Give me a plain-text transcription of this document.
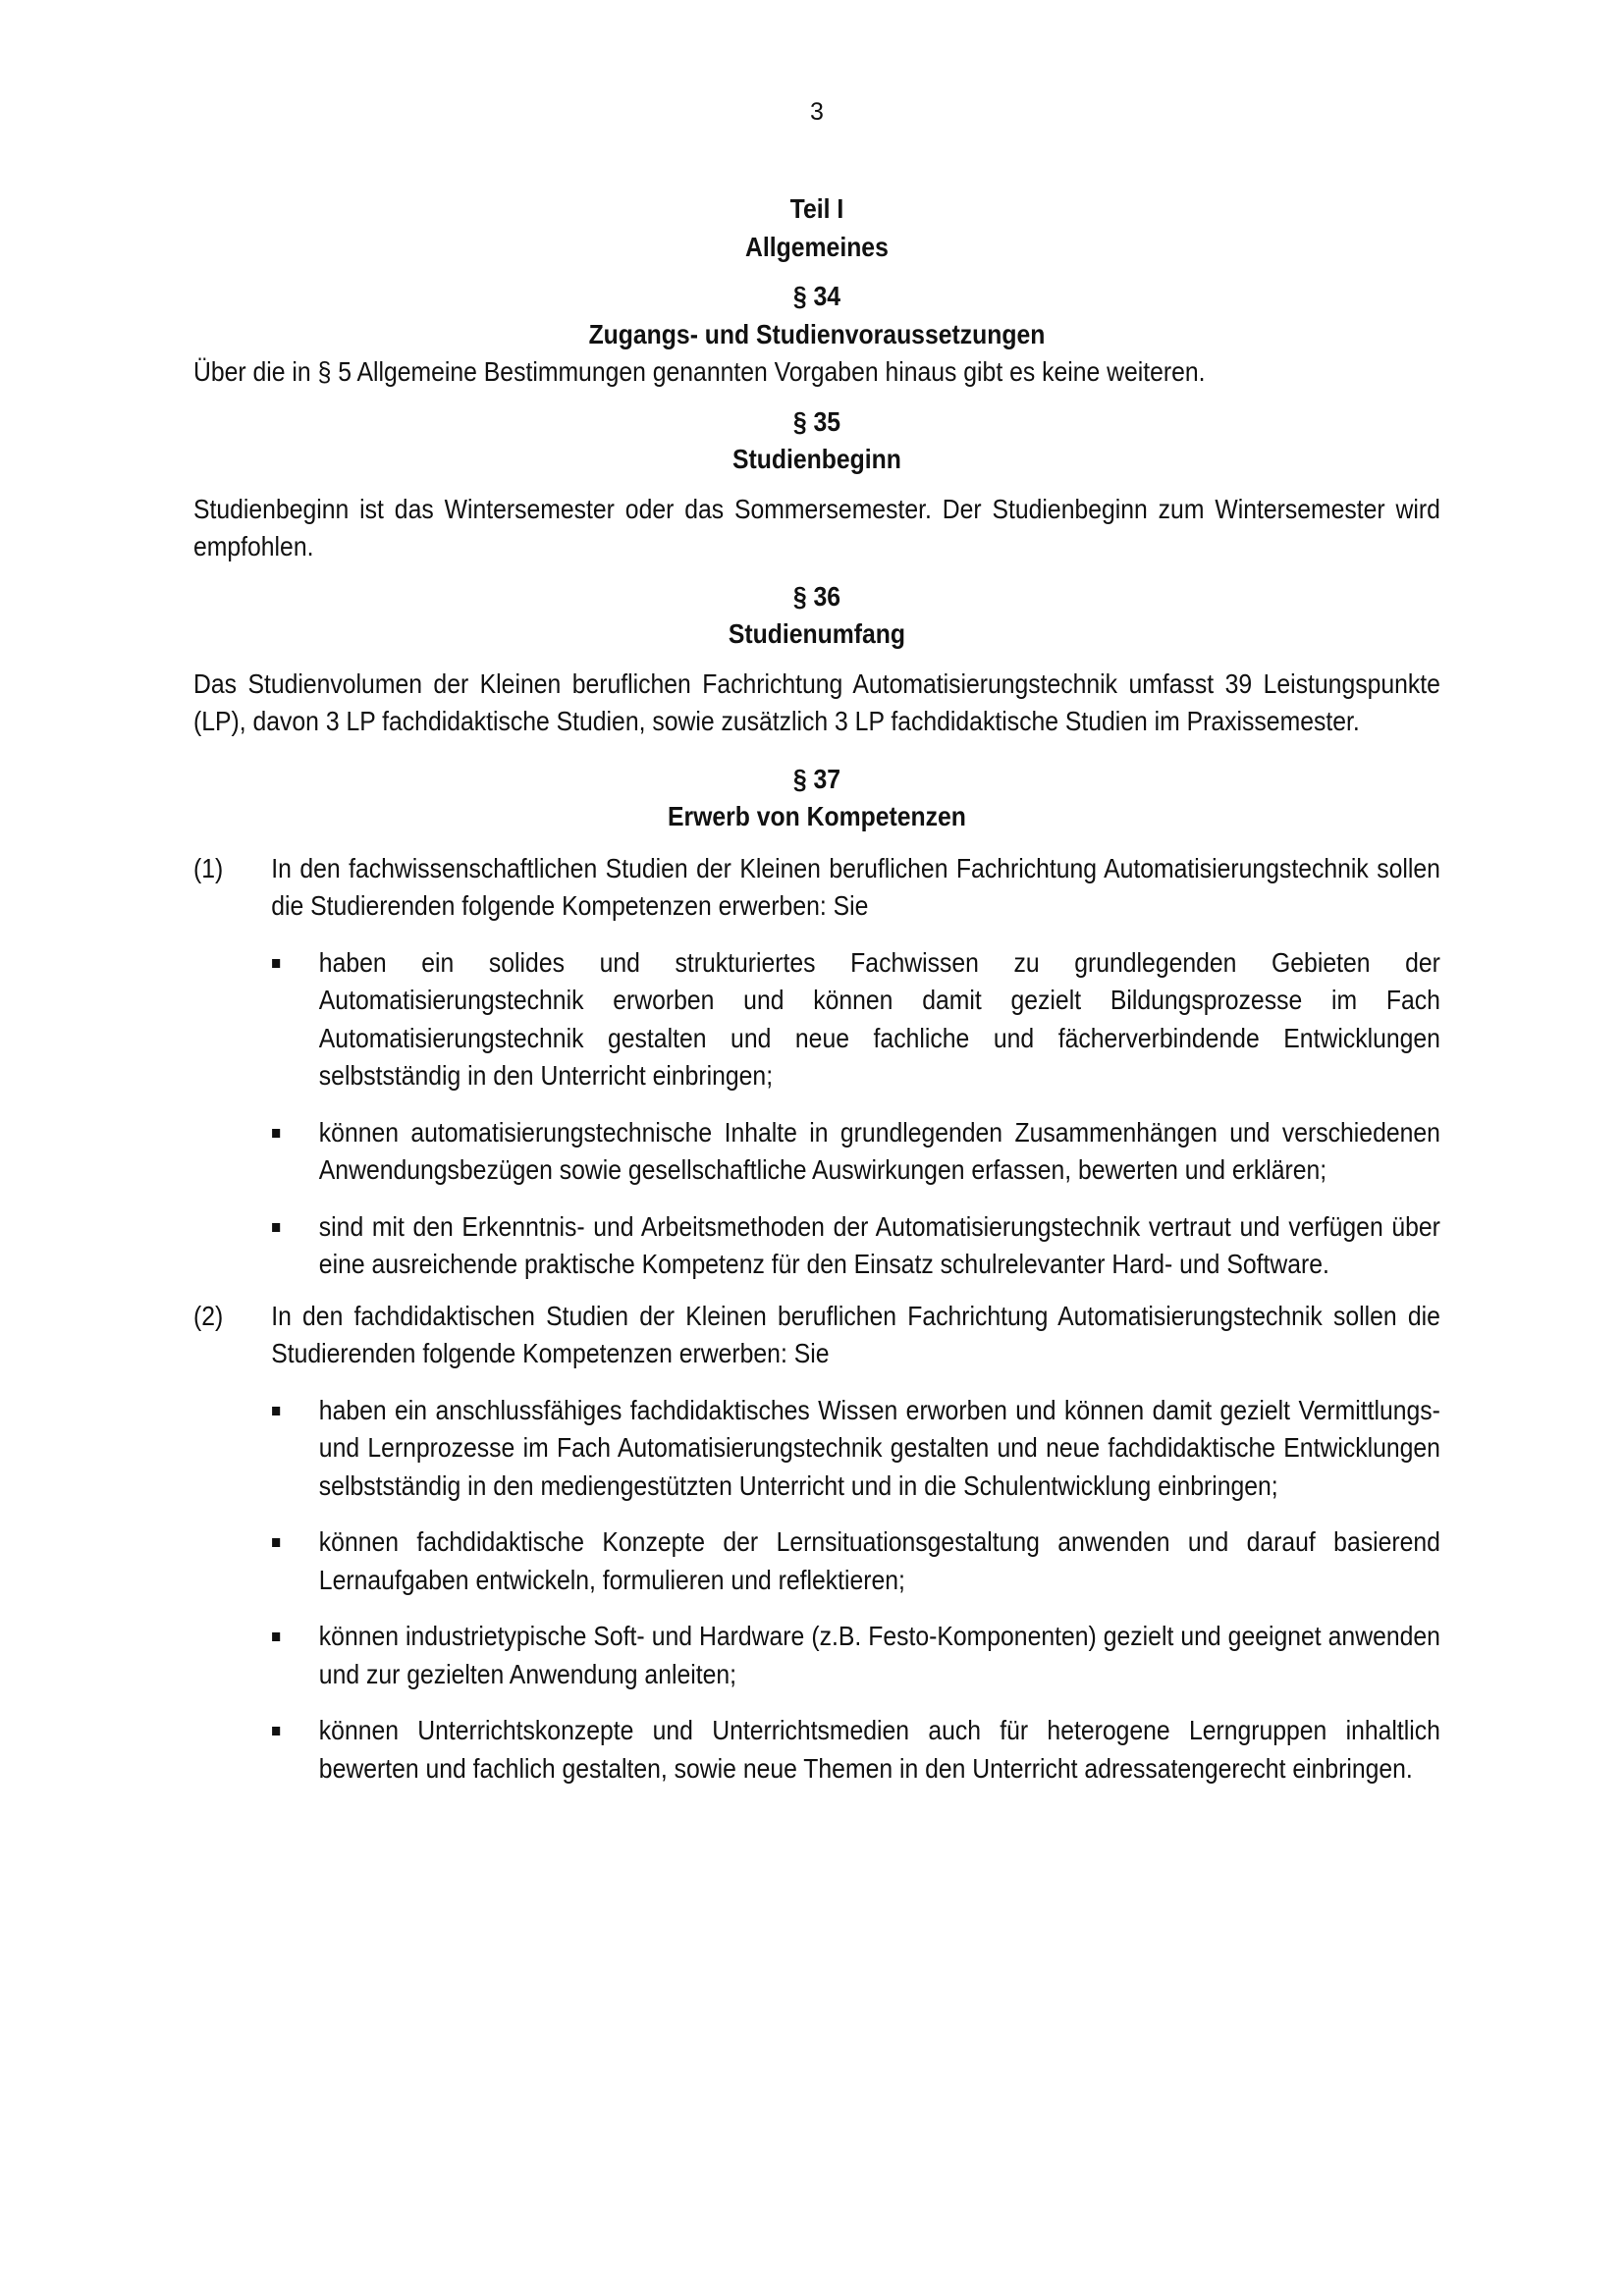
3
Teil I
Allgemeines
§ 34
Zugangs- und Studienvoraussetzungen
Über die in § 5 Allgemeine Bestimmungen genannten Vorgaben hinaus gibt es keine weiteren.
§ 35
Studienbeginn
Studienbeginn ist das Wintersemester oder das Sommersemester. Der Studienbeginn zum Wintersemester wird empfohlen.
§ 36
Studienumfang
Das Studienvolumen der Kleinen beruflichen Fachrichtung Automatisierungstechnik umfasst 39 Leistungspunkte (LP), davon 3 LP fachdidaktische Studien, sowie zusätzlich 3 LP fachdidaktische Studien im Praxissemester.
§ 37
Erwerb von Kompetenzen
(1)	In den fachwissenschaftlichen Studien der Kleinen beruflichen Fachrichtung Automatisierungstechnik sollen die Studierenden folgende Kompetenzen erwerben: Sie
haben ein solides und strukturiertes Fachwissen zu grundlegenden Gebieten der Automatisierungstechnik erworben und können damit gezielt Bildungsprozesse im Fach Automatisierungstechnik gestalten und neue fachliche und fächerverbindende Entwicklungen selbstständig in den Unterricht einbringen;
können automatisierungstechnische Inhalte in grundlegenden Zusammenhängen und verschiedenen Anwendungsbezügen sowie gesellschaftliche Auswirkungen erfassen, bewerten und erklären;
sind mit den Erkenntnis- und Arbeitsmethoden der Automatisierungstechnik vertraut und verfügen über eine ausreichende praktische Kompetenz für den Einsatz schulrelevanter Hard- und Software.
(2)	In den fachdidaktischen Studien der Kleinen beruflichen Fachrichtung Automatisierungstechnik sollen die Studierenden folgende Kompetenzen erwerben: Sie
haben ein anschlussfähiges fachdidaktisches Wissen erworben und können damit gezielt Vermittlungs- und Lernprozesse im Fach Automatisierungstechnik gestalten und neue fachdidaktische Entwicklungen selbstständig in den mediengestützten Unterricht und in die Schulentwicklung einbringen;
können fachdidaktische Konzepte der Lernsituationsgestaltung anwenden und darauf basierend Lernaufgaben entwickeln, formulieren und reflektieren;
können industrietypische Soft- und Hardware (z.B. Festo-Komponenten) gezielt und geeignet anwenden und zur gezielten Anwendung anleiten;
können Unterrichtskonzepte und Unterrichtsmedien auch für heterogene Lerngruppen inhaltlich bewerten und fachlich gestalten, sowie neue Themen in den Unterricht adressatengerecht einbringen.
